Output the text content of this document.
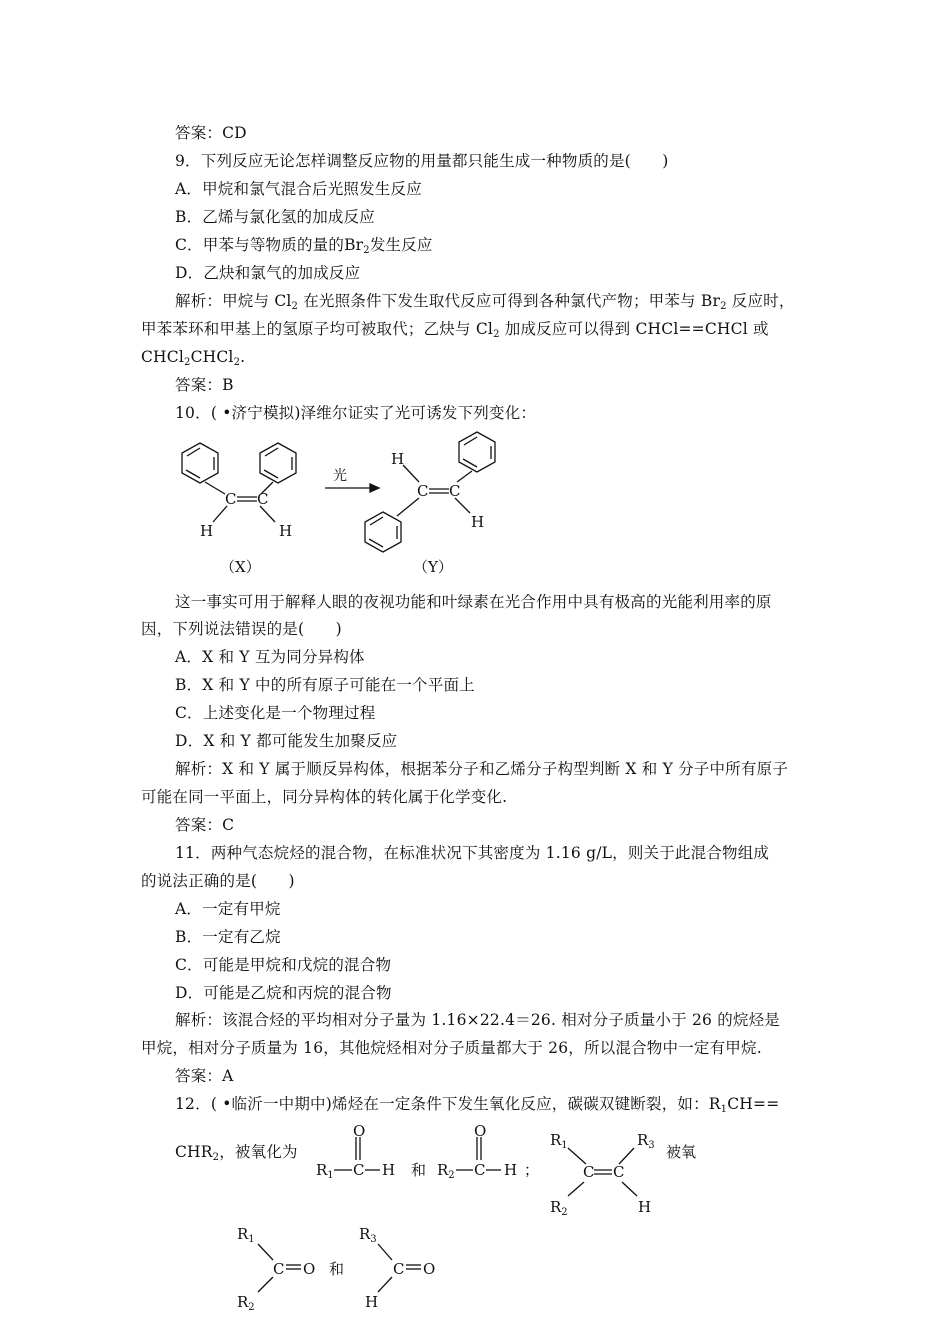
答案：CD
9．下列反应无论怎样调整反应物的用量都只能生成一种物质的是(　　)
A．甲烷和氯气混合后光照发生反应
B．乙烯与氯化氢的加成反应
C．甲苯与等物质的量的$Br_2$发生反应
D．乙炔和氯气的加成反应
解析：甲烷与 $Cl_2$ 在光照条件下发生取代反应可得到各种氯代产物；甲苯与 $Br_2$ 反应时，
甲苯苯环和甲基上的氢原子均可被取代；乙炔与 $Cl_2$ 加成反应可以得到 CHCl==CHCl 或
CHCl$_2$CHCl$_2$.
答案：B
10．( •济宁模拟)泽维尔证实了光可诱发下列变化：
C C
H	H
光
H
C C
H
（X）	（Y）
这一事实可用于解释人眼的夜视功能和叶绿素在光合作用中具有极高的光能利用率的原
因，下列说法错误的是(　　)
A．X 和 Y 互为同分异构体
B．X 和 Y 中的所有原子可能在一个平面上
C．上述变化是一个物理过程
D．X 和 Y 都可能发生加聚反应
解析：X 和 Y 属于顺反异构体，根据苯分子和乙烯分子构型判断 X 和 Y 分子中所有原子
可能在同一平面上，同分异构体的转化属于化学变化.
答案：C
11．两种气态烷烃的混合物，在标准状况下其密度为 1.16 g/L，则关于此混合物组成
的说法正确的是(　　)
A．一定有甲烷
B．一定有乙烷
C．可能是甲烷和戊烷的混合物
D．可能是乙烷和丙烷的混合物
解析：该混合烃的平均相对分子量为 1.16×22.4＝26. 相对分子质量小于 26 的烷烃是
甲烷，相对分子质量为 16，其他烷烃相对分子质量都大于 26，所以混合物中一定有甲烷.
答案：A
12．( •临沂一中期中)烯烃在一定条件下发生氧化反应，碳碳双键断裂，如：$R_1CH==$
$CHR_2$，被氧化为
O
$R_1$ C H 和
O
$R_2$ C H ；
$R_1$	$R_3$
C C
$R_2$	H
被氧
$R_1$
C O
$R_2$
和
$R_3$
C O
H
